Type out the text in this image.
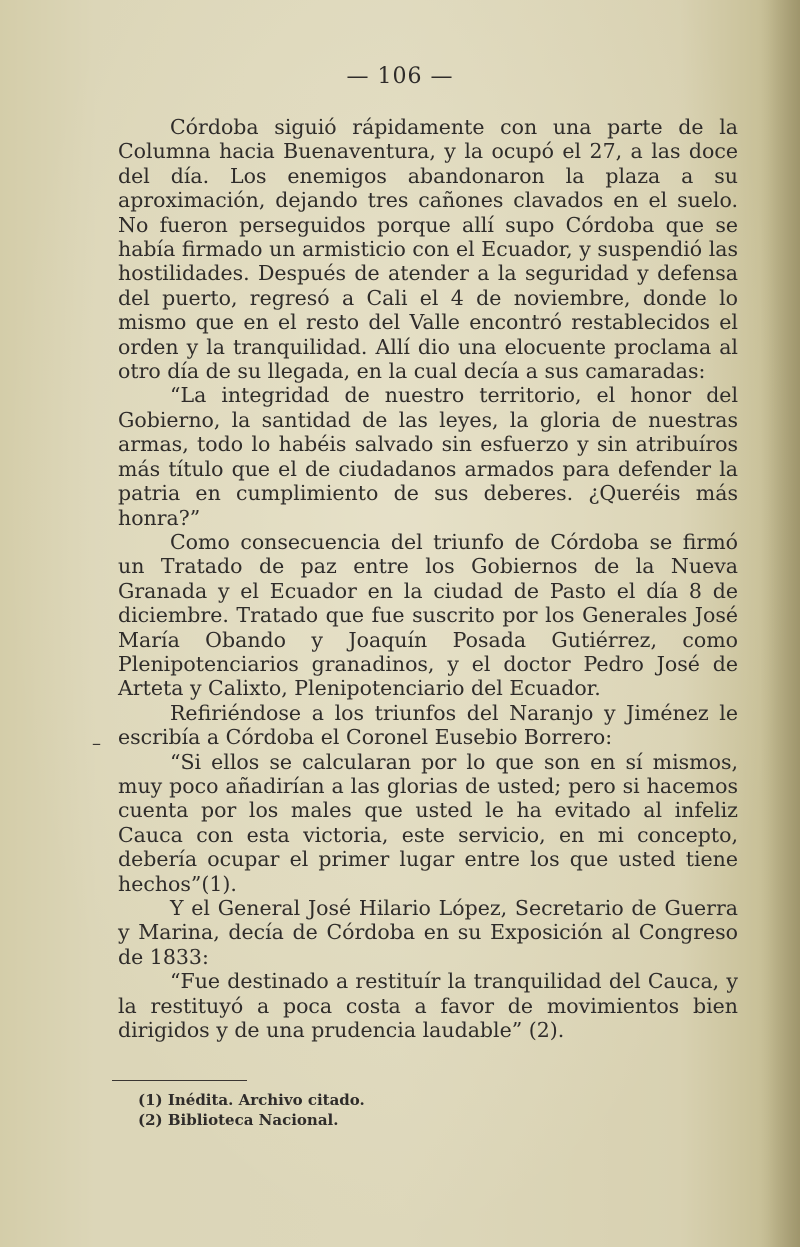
— 106 —
–

Córdoba siguió rápidamente con una parte de la Columna hacia Buenaventura, y la ocupó el 27, a las doce del día. Los enemigos abandonaron la plaza a su aproximación, dejando tres cañones clavados en el suelo. No fueron perseguidos porque allí supo Córdoba que se había firmado un armisticio con el Ecuador, y suspendió las hostilidades. Después de atender a la seguridad y defensa del puerto, regresó a Cali el 4 de noviembre, donde lo mismo que en el resto del Valle encontró restablecidos el orden y la tranquilidad. Allí dio una elocuente proclama al otro día de su llegada, en la cual decía a sus camaradas:

“La integridad de nuestro territorio, el honor del Gobierno, la santidad de las leyes, la gloria de nuestras armas, todo lo habéis salvado sin esfuerzo y sin atribuíros más título que el de ciudadanos armados para defender la patria en cumplimiento de sus deberes. ¿Queréis más honra?”

Como consecuencia del triunfo de Córdoba se firmó un Tratado de paz entre los Gobiernos de la Nueva Granada y el Ecuador en la ciudad de Pasto el día 8 de diciembre. Tratado que fue suscrito por los Generales José María Obando y Joaquín Posada Gutiérrez, como Plenipotenciarios granadinos, y el doctor Pedro José de Arteta y Calixto, Plenipotenciario del Ecuador.

Refiriéndose a los triunfos del Naranjo y Jiménez le escribía a Córdoba el Coronel Eusebio Borrero:

“Si ellos se calcularan por lo que son en sí mismos, muy poco añadirían a las glorias de usted; pero si hacemos cuenta por los males que usted le ha evitado al infeliz Cauca con esta victoria, este servicio, en mi concepto, debería ocupar el primer lugar entre los que usted tiene hechos”(1).

Y el General José Hilario López, Secretario de Guerra y Marina, decía de Córdoba en su Exposición al Congreso de 1833:

“Fue destinado a restituír la tranquilidad del Cauca, y la restituyó a poca costa a favor de movimientos bien dirigidos y de una prudencia laudable” (2).

(1) Inédita. Archivo citado.
(2) Biblioteca Nacional.
